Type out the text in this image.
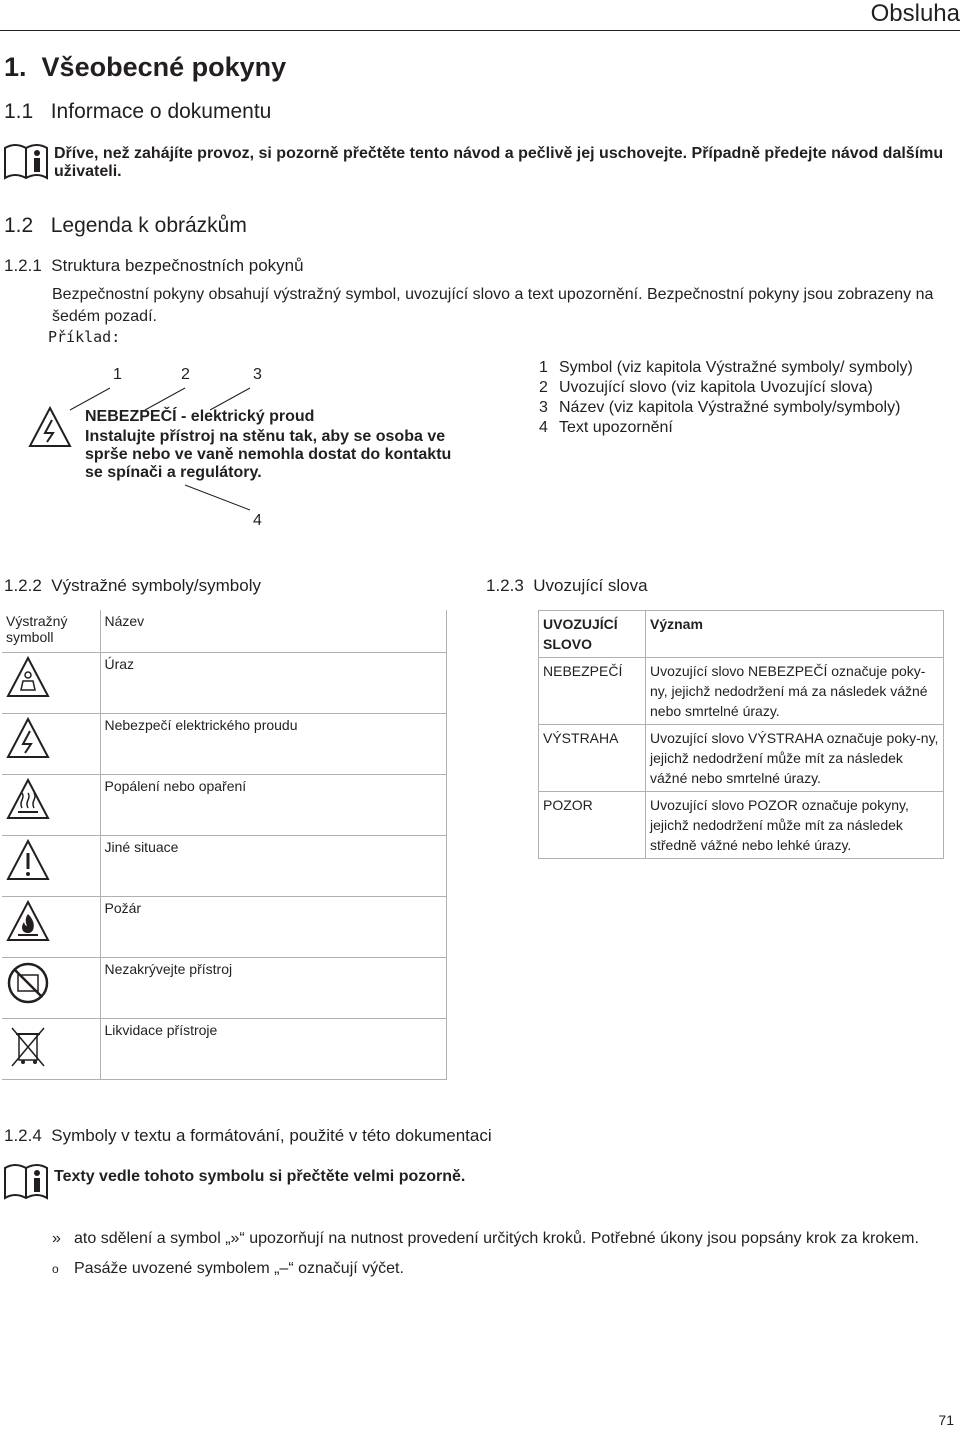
Obsluha
1. Všeobecné pokyny
1.1 Informace o dokumentu
Dříve, než zahájíte provoz, si pozorně přečtěte tento návod a pečlivě jej uschovejte. Případně předejte návod dalšímu uživateli.
1.2 Legenda k obrázkům
1.2.1 Struktura bezpečnostních pokynů
Bezpečnostní pokyny obsahují výstražný symbol, uvozující slovo a text upozornění. Bezpečnostní pokyny jsou zobrazeny na šedém pozadí.
Příklad:
1	2	3
4
NEBEZPEČÍ - elektrický proud
Instalujte přístroj na stěnu tak, aby se osoba ve sprše nebo ve vaně nemohla dostat do kontaktu se spínači a regulátory.
1 Symbol (viz kapitola Výstražné symboly/ symboly)
2 Uvozující slovo (viz kapitola Uvozující slova)
3 Název (viz kapitola Výstražné symboly/symboly)
4 Text upozornění
1.2.2 Výstražné symboly/symboly
Výstražný symboll	Název
	Úraz
	Nebezpečí elektrického proudu
	Popálení nebo opaření
	Jiné situace
	Požár
	Nezakrývejte přístroj
	Likvidace přístroje
1.2.3 Uvozující slova
UVOZUJÍCÍ SLOVO	Význam
NEBEZPEČÍ	Uvozující slovo NEBEZPEČÍ označuje poky-ny, jejichž nedodržení má za následek vážné nebo smrtelné úrazy.
VÝSTRAHA	Uvozující slovo VÝSTRAHA označuje poky-ny, jejichž nedodržení může mít za následek vážné nebo smrtelné úrazy.
POZOR	Uvozující slovo POZOR označuje pokyny, jejichž nedodržení může mít za následek středně vážné nebo lehké úrazy.
1.2.4 Symboly v textu a formátování, použité v této dokumentaci
Texty vedle tohoto symbolu si přečtěte velmi pozorně.
» ato sdělení a symbol „»“ upozorňují na nutnost provedení určitých kroků. Potřebné úkony jsou popsány krok za krokem.
o Pasáže uvozené symbolem „–“ označují výčet.
71
